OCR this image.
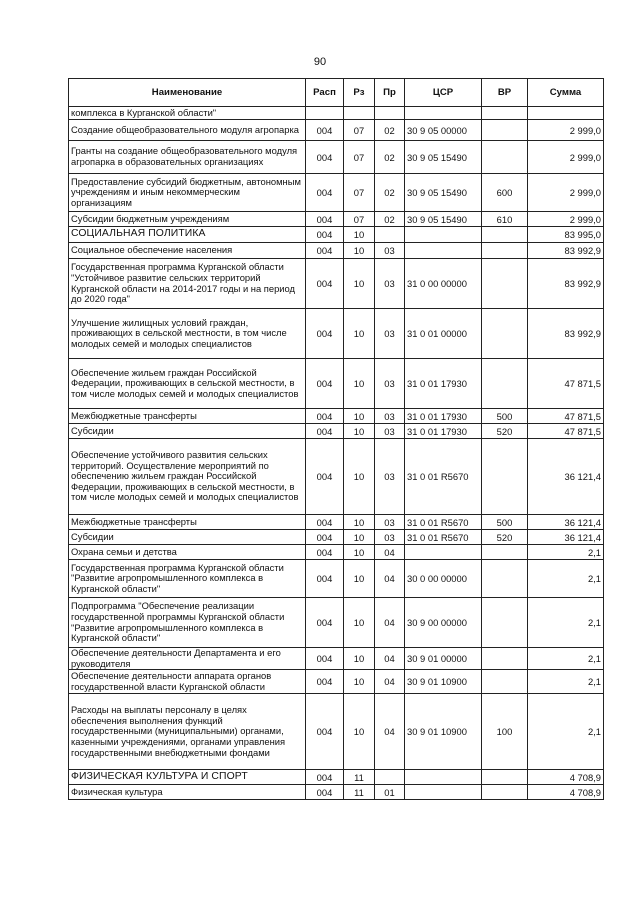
90
Наименование	Расп	Рз	Пр	ЦСР	ВР	Сумма
комплекса в Курганской области"						
Создание общеобразовательного модуля агропарка	004	07	02	30 9 05 00000		2 999,0
Гранты на создание общеобразовательного модуля агропарка в образовательных организациях	004	07	02	30 9 05 15490		2 999,0
Предоставление субсидий бюджетным, автономным учреждениям и иным некоммерческим организациям	004	07	02	30 9 05 15490	600	2 999,0
Субсидии бюджетным учреждениям	004	07	02	30 9 05 15490	610	2 999,0
СОЦИАЛЬНАЯ ПОЛИТИКА	004	10				83 995,0
Социальное обеспечение населения	004	10	03			83 992,9
Государственная программа Курганской области "Устойчивое развитие сельских территорий Курганской области на 2014-2017 годы и на период до 2020 года"	004	10	03	31 0 00 00000		83 992,9
Улучшение жилищных условий граждан, проживающих в сельской местности, в том числе молодых семей и молодых специалистов	004	10	03	31 0 01 00000		83 992,9
Обеспечение жильем граждан Российской Федерации, проживающих в сельской местности, в том числе молодых семей и молодых специалистов	004	10	03	31 0 01 17930		47 871,5
Межбюджетные трансферты	004	10	03	31 0 01 17930	500	47 871,5
Субсидии	004	10	03	31 0 01 17930	520	47 871,5
Обеспечение устойчивого развития сельских территорий. Осуществление мероприятий по обеспечению жильем граждан Российской Федерации, проживающих в сельской местности, в том числе молодых семей и молодых специалистов	004	10	03	31 0 01 R5670		36 121,4
Межбюджетные трансферты	004	10	03	31 0 01 R5670	500	36 121,4
Субсидии	004	10	03	31 0 01 R5670	520	36 121,4
Охрана семьи и детства	004	10	04			2,1
Государственная программа Курганской области "Развитие агропромышленного комплекса в Курганской области"	004	10	04	30 0 00 00000		2,1
Подпрограмма "Обеспечение реализации государственной программы Курганской области "Развитие агропромышленного комплекса в Курганской области"	004	10	04	30 9 00 00000		2,1
Обеспечение деятельности Департамента и его руководителя	004	10	04	30 9 01 00000		2,1
Обеспечение деятельности аппарата органов государственной власти Курганской области	004	10	04	30 9 01 10900		2,1
Расходы на выплаты персоналу в целях обеспечения выполнения функций государственными (муниципальными) органами, казенными учреждениями, органами управления государственными внебюджетными фондами	004	10	04	30 9 01 10900	100	2,1
ФИЗИЧЕСКАЯ КУЛЬТУРА И СПОРТ	004	11				4 708,9
Физическая культура	004	11	01			4 708,9
